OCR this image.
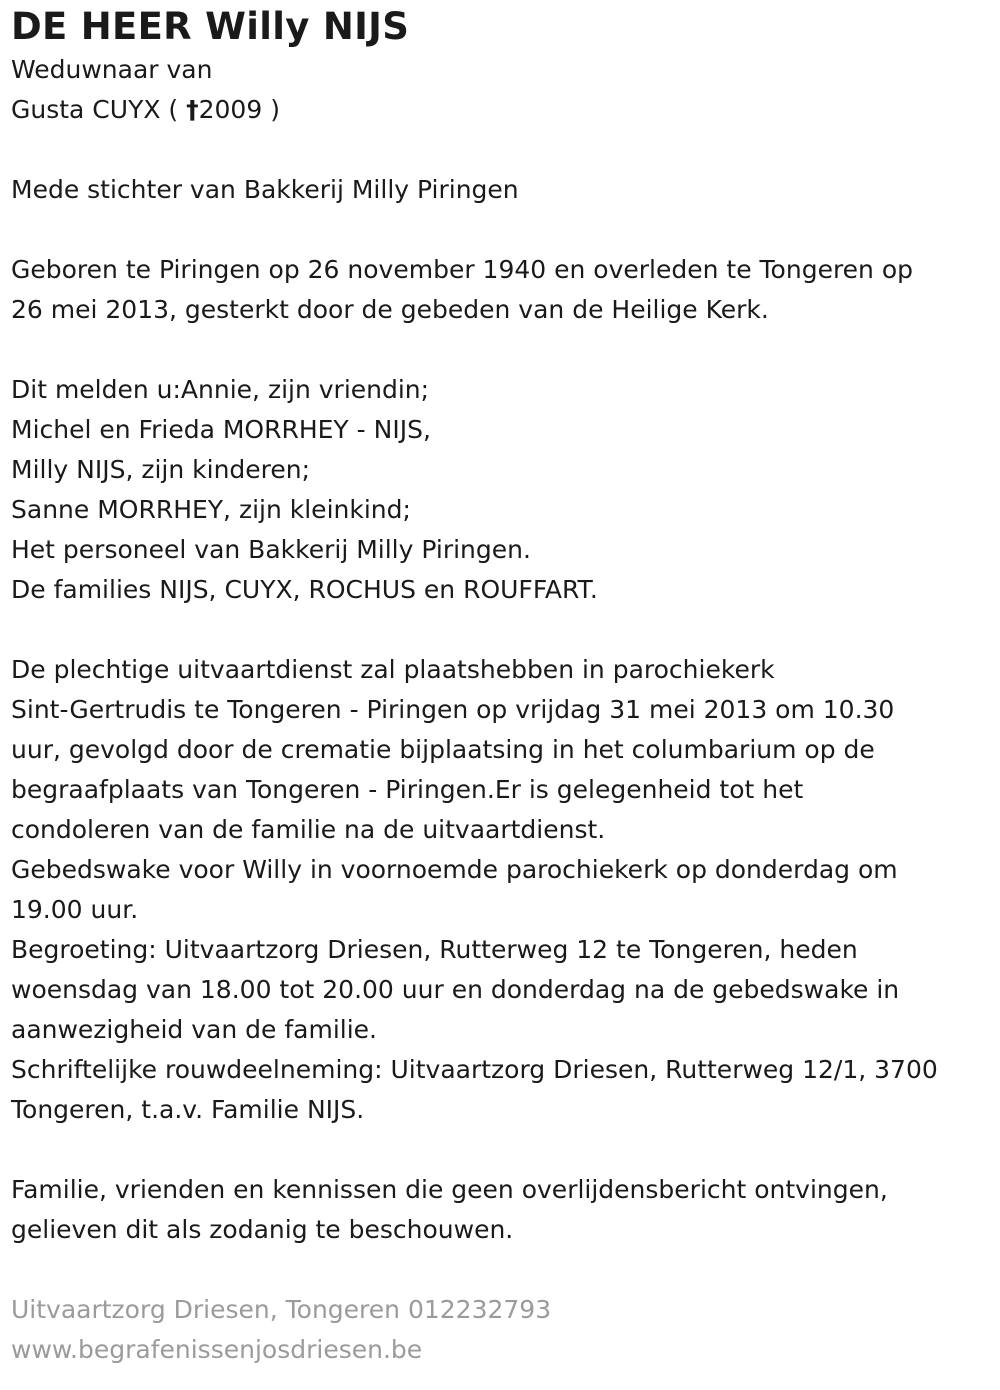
DE HEER Willy NIJS

Weduwnaar van

Gusta CUYX ( †2009 )

Mede stichter van Bakkerij Milly Piringen

Geboren te Piringen op 26 november 1940 en overleden te Tongeren op

26 mei 2013, gesterkt door de gebeden van de Heilige Kerk.

Dit melden u:Annie, zijn vriendin;

Michel en Frieda MORRHEY - NIJS,

Milly NIJS, zijn kinderen;

Sanne MORRHEY, zijn kleinkind;

Het personeel van Bakkerij Milly Piringen.

De families NIJS, CUYX, ROCHUS en ROUFFART.

De plechtige uitvaartdienst zal plaatshebben in parochiekerk

Sint-Gertrudis te Tongeren - Piringen op vrijdag 31 mei 2013 om 10.30

uur, gevolgd door de crematie bijplaatsing in het columbarium op de

begraafplaats van Tongeren - Piringen.Er is gelegenheid tot het

condoleren van de familie na de uitvaartdienst.

Gebedswake voor Willy in voornoemde parochiekerk op donderdag om

19.00 uur.

Begroeting: Uitvaartzorg Driesen, Rutterweg 12 te Tongeren, heden

woensdag van 18.00 tot 20.00 uur en donderdag na de gebedswake in

aanwezigheid van de familie.

Schriftelijke rouwdeelneming: Uitvaartzorg Driesen, Rutterweg 12/1, 3700

Tongeren, t.a.v. Familie NIJS.

Familie, vrienden en kennissen die geen overlijdensbericht ontvingen,

gelieven dit als zodanig te beschouwen.

Uitvaartzorg Driesen, Tongeren 012232793

www.begrafenissenjosdriesen.be
